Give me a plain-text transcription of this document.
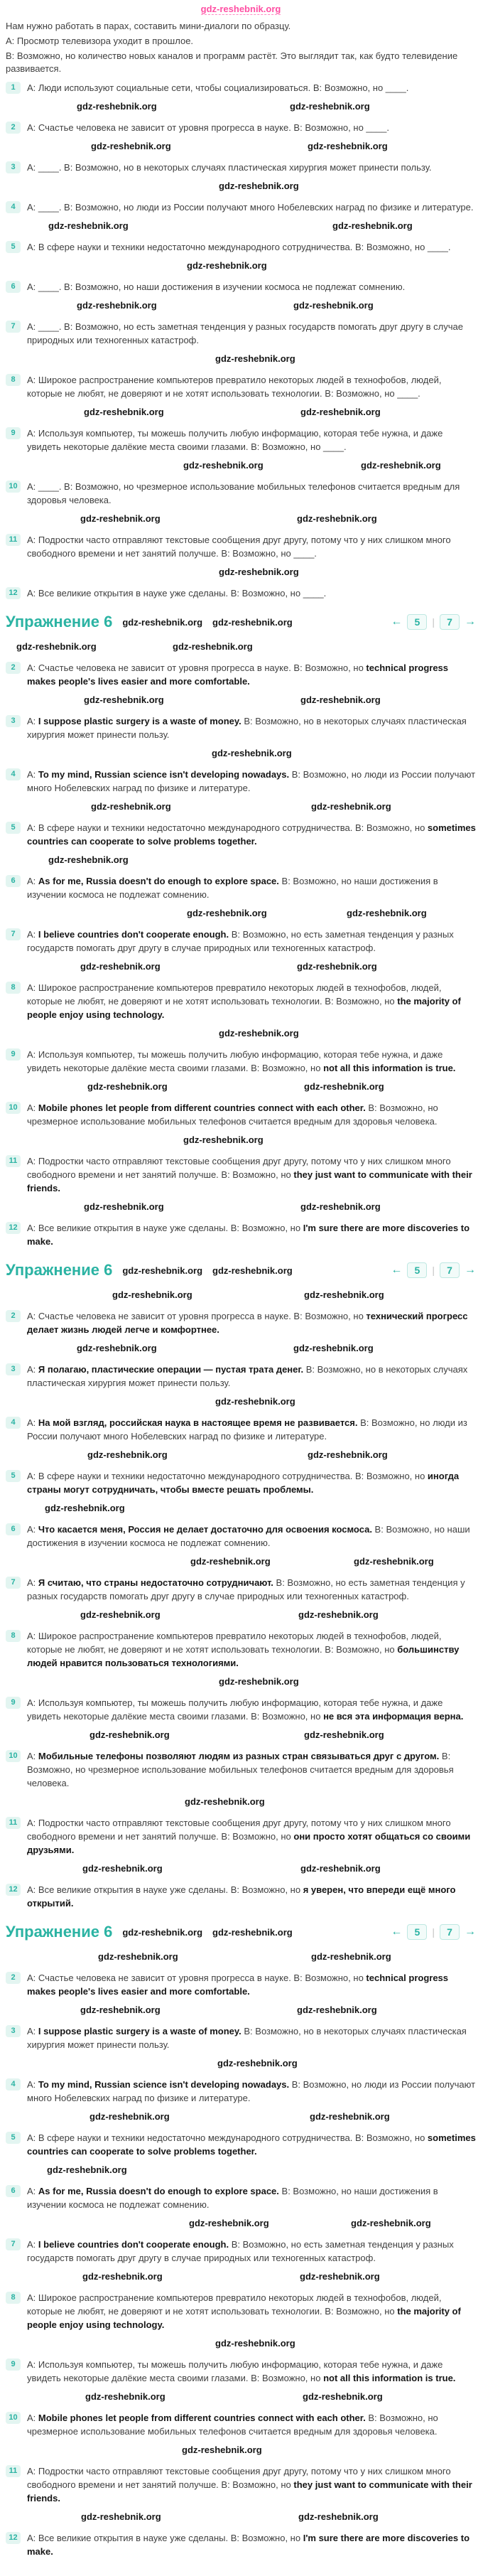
gdz-reshebnik.org

Нам нужно работать в парах, составить мини-диалоги по образцу.

А: Просмотр телевизора уходит в прошлое.

В: Возможно, но количество новых каналов и программ растёт. Это выглядит так, как будто телевидение развивается.

1	А: Люди используют социальные сети, чтобы социализироваться. В: Возможно, но ____.
gdz-reshebnik.org	gdz-reshebnik.org
2	А: Счастье человека не зависит от уровня прогресса в науке. В: Возможно, но ____.
gdz-reshebnik.org	gdz-reshebnik.org
3	А: ____. В: Возможно, но в некоторых случаях пластическая хирургия может принести пользу.
gdz-reshebnik.org
4	А: ____. В: Возможно, но люди из России получают много Нобелевских наград по физике и литературе.
gdz-reshebnik.org	gdz-reshebnik.org
5	А: В сфере науки и техники недостаточно международного сотрудничества. В: Возможно, но ____.
gdz-reshebnik.org
6	А: ____. В: Возможно, но наши достижения в изучении космоса не подлежат сомнению.
gdz-reshebnik.org	gdz-reshebnik.org
7	А: ____. В: Возможно, но есть заметная тенденция у разных государств помогать друг другу в случае природных или техногенных катастроф.
gdz-reshebnik.org
8	А: Широкое распространение компьютеров превратило некоторых людей в технофобов, людей, которые не любят, не доверяют и не хотят использовать технологии. В: Возможно, но ____.
gdz-reshebnik.org	gdz-reshebnik.org
9	А: Используя компьютер, ты можешь получить любую информацию, которая тебе нужна, и даже увидеть некоторые далёкие места своими глазами. В: Возможно, но ____.
gdz-reshebnik.org	gdz-reshebnik.org
10	А: ____. В: Возможно, но чрезмерное использование мобильных телефонов считается вредным для здоровья человека.
gdz-reshebnik.org	gdz-reshebnik.org
11	А: Подростки часто отправляют текстовые сообщения друг другу, потому что у них слишком много свободного времени и нет занятий получше. В: Возможно, но ____.
gdz-reshebnik.org
12	А: Все великие открытия в науке уже сделаны. В: Возможно, но ____.
Упражнение 6 gdz-reshebnik.org gdz-reshebnik.org	←	5	|	7	→
gdz-reshebnik.org	gdz-reshebnik.org
2	А: Счастье человека не зависит от уровня прогресса в науке. В: Возможно, но technical progress makes people's lives easier and more comfortable.
gdz-reshebnik.org	gdz-reshebnik.org
3	А: I suppose plastic surgery is a waste of money. В: Возможно, но в некоторых случаях пластическая хирургия может принести пользу.
gdz-reshebnik.org
4	А: To my mind, Russian science isn't developing nowadays. В: Возможно, но люди из России получают много Нобелевских наград по физике и литературе.
gdz-reshebnik.org	gdz-reshebnik.org
5	А: В сфере науки и техники недостаточно международного сотрудничества. В: Возможно, но sometimes countries can cooperate to solve problems together.
gdz-reshebnik.org
6	А: As for me, Russia doesn't do enough to explore space. В: Возможно, но наши достижения в изучении космоса не подлежат сомнению.
gdz-reshebnik.org	gdz-reshebnik.org
7	А: I believe countries don't cooperate enough. В: Возможно, но есть заметная тенденция у разных государств помогать друг другу в случае природных или техногенных катастроф.
gdz-reshebnik.org	gdz-reshebnik.org
8	А: Широкое распространение компьютеров превратило некоторых людей в технофобов, людей, которые не любят, не доверяют и не хотят использовать технологии. В: Возможно, но the majority of people enjoy using technology.
gdz-reshebnik.org
9	А: Используя компьютер, ты можешь получить любую информацию, которая тебе нужна, и даже увидеть некоторые далёкие места своими глазами. В: Возможно, но not all this information is true.
gdz-reshebnik.org	gdz-reshebnik.org
10	А: Mobile phones let people from different countries connect with each other. В: Возможно, но чрезмерное использование мобильных телефонов считается вредным для здоровья человека.
gdz-reshebnik.org
11	А: Подростки часто отправляют текстовые сообщения друг другу, потому что у них слишком много свободного времени и нет занятий получше. В: Возможно, но they just want to communicate with their friends.
gdz-reshebnik.org	gdz-reshebnik.org
12	А: Все великие открытия в науке уже сделаны. В: Возможно, но I'm sure there are more discoveries to make.
Упражнение 6 gdz-reshebnik.org gdz-reshebnik.org	←	5	|	7	→
gdz-reshebnik.org	gdz-reshebnik.org
2	А: Счастье человека не зависит от уровня прогресса в науке. В: Возможно, но технический прогресс делает жизнь людей легче и комфортнее.
gdz-reshebnik.org	gdz-reshebnik.org
3	А: Я полагаю, пластические операции — пустая трата денег. В: Возможно, но в некоторых случаях пластическая хирургия может принести пользу.
gdz-reshebnik.org
4	А: На мой взгляд, российская наука в настоящее время не развивается. В: Возможно, но люди из России получают много Нобелевских наград по физике и литературе.
gdz-reshebnik.org	gdz-reshebnik.org
5	А: В сфере науки и техники недостаточно международного сотрудничества. В: Возможно, но иногда страны могут сотрудничать, чтобы вместе решать проблемы.
gdz-reshebnik.org
6	А: Что касается меня, Россия не делает достаточно для освоения космоса. В: Возможно, но наши достижения в изучении космоса не подлежат сомнению.
gdz-reshebnik.org	gdz-reshebnik.org
7	А: Я считаю, что страны недостаточно сотрудничают. В: Возможно, но есть заметная тенденция у разных государств помогать друг другу в случае природных или техногенных катастроф.
gdz-reshebnik.org	gdz-reshebnik.org
8	А: Широкое распространение компьютеров превратило некоторых людей в технофобов, людей, которые не любят, не доверяют и не хотят использовать технологии. В: Возможно, но большинству людей нравится пользоваться технологиями.
gdz-reshebnik.org
9	А: Используя компьютер, ты можешь получить любую информацию, которая тебе нужна, и даже увидеть некоторые далёкие места своими глазами. В: Возможно, но не вся эта информация верна.
gdz-reshebnik.org	gdz-reshebnik.org
10	А: Мобильные телефоны позволяют людям из разных стран связываться друг с другом. В: Возможно, но чрезмерное использование мобильных телефонов считается вредным для здоровья человека.
gdz-reshebnik.org
11	А: Подростки часто отправляют текстовые сообщения друг другу, потому что у них слишком много свободного времени и нет занятий получше. В: Возможно, но они просто хотят общаться со своими друзьями.
gdz-reshebnik.org	gdz-reshebnik.org
12	А: Все великие открытия в науке уже сделаны. В: Возможно, но я уверен, что впереди ещё много открытий.
Упражнение 6 gdz-reshebnik.org gdz-reshebnik.org	←	5	|	7	→
gdz-reshebnik.org	gdz-reshebnik.org
2	А: Счастье человека не зависит от уровня прогресса в науке. В: Возможно, но technical progress makes people's lives easier and more comfortable.
gdz-reshebnik.org	gdz-reshebnik.org
3	А: I suppose plastic surgery is a waste of money. В: Возможно, но в некоторых случаях пластическая хирургия может принести пользу.
gdz-reshebnik.org
4	А: To my mind, Russian science isn't developing nowadays. В: Возможно, но люди из России получают много Нобелевских наград по физике и литературе.
gdz-reshebnik.org	gdz-reshebnik.org
5	А: В сфере науки и техники недостаточно международного сотрудничества. В: Возможно, но sometimes countries can cooperate to solve problems together.
gdz-reshebnik.org
6	А: As for me, Russia doesn't do enough to explore space. В: Возможно, но наши достижения в изучении космоса не подлежат сомнению.
gdz-reshebnik.org	gdz-reshebnik.org
7	А: I believe countries don't cooperate enough. В: Возможно, но есть заметная тенденция у разных государств помогать друг другу в случае природных или техногенных катастроф.
gdz-reshebnik.org	gdz-reshebnik.org
8	А: Широкое распространение компьютеров превратило некоторых людей в технофобов, людей, которые не любят, не доверяют и не хотят использовать технологии. В: Возможно, но the majority of people enjoy using technology.
gdz-reshebnik.org
9	А: Используя компьютер, ты можешь получить любую информацию, которая тебе нужна, и даже увидеть некоторые далёкие места своими глазами. В: Возможно, но not all this information is true.
gdz-reshebnik.org	gdz-reshebnik.org
10	А: Mobile phones let people from different countries connect with each other. В: Возможно, но чрезмерное использование мобильных телефонов считается вредным для здоровья человека.
gdz-reshebnik.org
11	А: Подростки часто отправляют текстовые сообщения друг другу, потому что у них слишком много свободного времени и нет занятий получше. В: Возможно, но they just want to communicate with their friends.
gdz-reshebnik.org	gdz-reshebnik.org
12	А: Все великие открытия в науке уже сделаны. В: Возможно, но I'm sure there are more discoveries to make.
